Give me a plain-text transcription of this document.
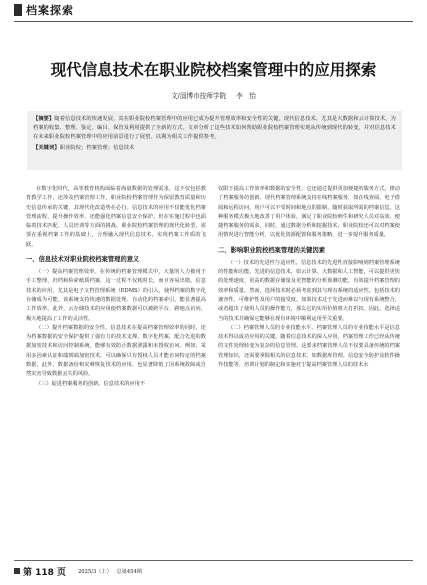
档案探索
现代信息技术在职业院校档案管理中的应用探索
文/淄博市技师学院 李　怡
【摘要】随着信息技术的快速发展，其在职业院校档案管理中的应用已成为提升管理效率和安全性的关键。现代信息技术，尤其是大数据和云计算技术，为档案的收集、整理、鉴定、编目、保管及利用提供了全新的方式。文章分析了这些技术如何帮助职业院校档案管理实现从传统到现代的转变，并对信息技术在未来职业院校档案管理中的应用前景进行了展望，以期为相关工作提供参考。
【关键词】职业院校；档案管理；信息技术

在数字化时代，高等教育机构面临着海量数据的处理需求，这不仅包括教育教学工作，还涉及档案管理工作。职业院校档案管理作为保留教育质量和历史信息传承的关键，其现代化改造势在必行。信息技术的应用不仅能优化档案管理流程，提升操作效率，还能强化档案信息安全保护。但在实施过程中也面临着技术匹配、人员培训等方面的挑战。职业院校档案管理的现代化转型，需要在重视档案工作的基础上，合理融入现代信息技术，实现档案工作质的飞跃。

一、信息技术对职业院校档案管理的意义

（一）提高档案管理效率。在传统的档案管理模式中，大量的人力被用于手工整理、归档和检索纸质档案，这一过程不仅耗时长，而且容易出错。信息技术的应用，尤其是电子文档管理系统（EDMS）的引入，使得档案的数字化存储成为可能。该系统支持快速的数据处理、自动化的档案索引，能显著提高工作效率。此外，云存储技术的应用使档案数据可以被跨平台、跨地点访问，极大地提高了工作的灵活性。

（二）提升档案数据的安全性。信息技术在提高档案管理效率的同时，还为档案数据的安全保护提供了强有力的技术支撑。数字化档案，配合先进的数据加密技术和访问控制系统，能够有效防止数据泄露和未授权访问。例如，采用多因素认证和端到端加密技术，可以确保只有授权人员才能访问特定的档案数据。此外，数据备份和灾难恢复技术的应用，也显著降低了因系统故障或自然灾害导致数据丢失的风险。

（三）促进档案服务的创新。信息技术的应用不

仅限于提高工作效率和数据的安全性，它还通过提供更加便捷的服务方式，推动了档案服务的创新。现代档案管理系统支持在线档案服务，如在线查阅、电子借阅和远程访问，用户可以不受时间和地点的限制，随时获取所需的档案信息。这种服务模式极大地改善了用户体验，满足了职业院校师生和研究人员对高效、便捷档案服务的需求。同时，通过数据分析和挖掘技术，职业院校还可以对档案使用情况进行智能分析，以优化资源配置和服务策略，进一步提升服务质量。

二、影响职业院校档案管理的关键因素

（一）技术的先进性与适应性。信息技术的先进性直接影响到档案管理系统的性能和功能。先进的信息技术，如云计算、大数据和人工智能，可以提供更快的处理速度、更高的数据存储量及更智能的分析预测功能，有效提升档案管理的效率和质量。然而，选择技术时必须考虑到其与现有系统的适应性，包括技术的兼容性、可维护性及用户的接受度。如果技术过于先进而难以与现有系统整合，或者超出了使用人员的操作能力，那么它的实用价值将大打折扣。因此，选择适当的技术并确保它能够在现有环境中顺利运用至关重要。

（二）档案管理人员的专业技能水平。档案管理人员的专业技能水平是信息技术得以成功应用的关键。随着信息技术的深入应用，档案管理工作已经从传统的文件处理转变为复杂的信息管理。这要求档案管理人员不仅要具备传统的档案管理知识，还需要掌握相关的信息技术，如数据库管理、信息安全防护及软件操作技能等。培训计划的制定和实施对于提高档案管理人员的技术水

第 118 页 2025/3（上） 总第454期
